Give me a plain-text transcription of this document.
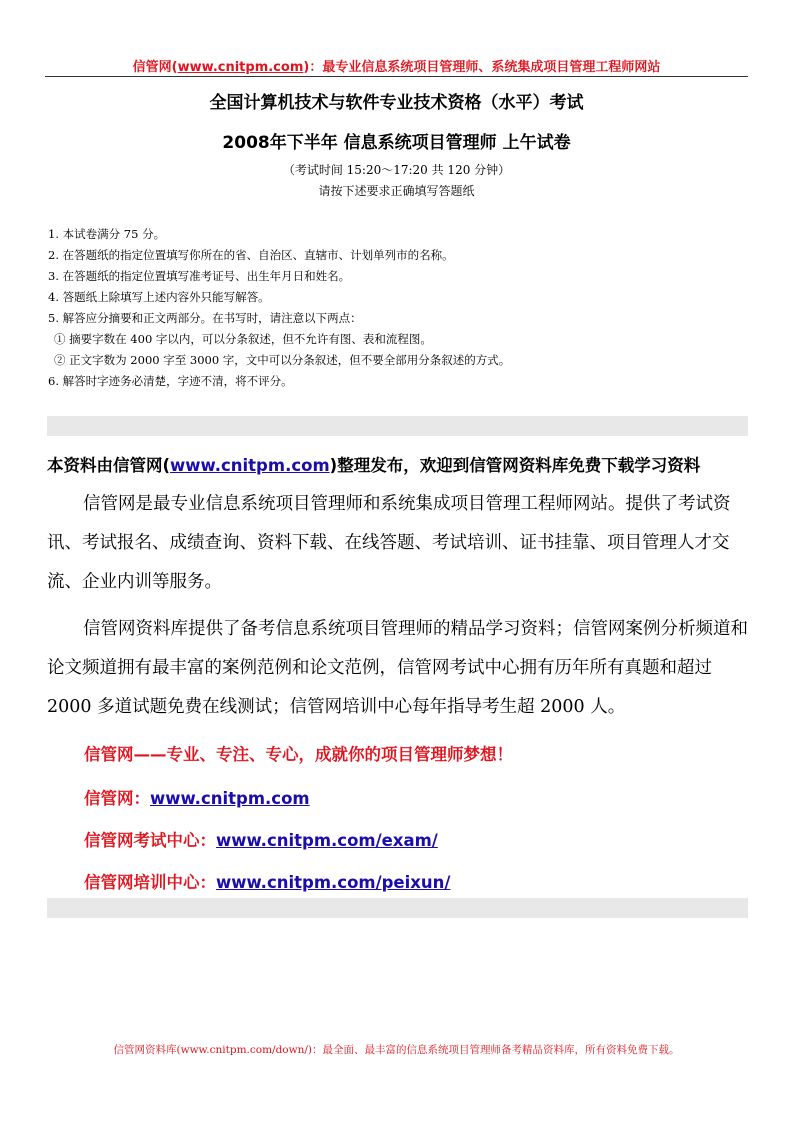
信管网(www.cnitpm.com)：最专业信息系统项目管理师、系统集成项目管理工程师网站
全国计算机技术与软件专业技术资格（水平）考试
2008年下半年 信息系统项目管理师 上午试卷
（考试时间 15:20～17:20 共 120 分钟）
请按下述要求正确填写答题纸
1. 本试卷满分 75 分。
2. 在答题纸的指定位置填写你所在的省、自治区、直辖市、计划单列市的名称。
3. 在答题纸的指定位置填写准考证号、出生年月日和姓名。
4. 答题纸上除填写上述内容外只能写解答。
5. 解答应分摘要和正文两部分。在书写时，请注意以下两点：
① 摘要字数在 400 字以内，可以分条叙述，但不允许有图、表和流程图。
② 正文字数为 2000 字至 3000 字，文中可以分条叙述，但不要全部用分条叙述的方式。
6. 解答时字迹务必清楚，字迹不清，将不评分。
本资料由信管网(www.cnitpm.com)整理发布，欢迎到信管网资料库免费下载学习资料
信管网是最专业信息系统项目管理师和系统集成项目管理工程师网站。提供了考试资讯、考试报名、成绩查询、资料下载、在线答题、考试培训、证书挂靠、项目管理人才交流、企业内训等服务。
信管网资料库提供了备考信息系统项目管理师的精品学习资料；信管网案例分析频道和论文频道拥有最丰富的案例范例和论文范例，信管网考试中心拥有历年所有真题和超过 2000 多道试题免费在线测试；信管网培训中心每年指导考生超 2000 人。
信管网——专业、专注、专心，成就你的项目管理师梦想！
信管网：www.cnitpm.com
信管网考试中心：www.cnitpm.com/exam/
信管网培训中心：www.cnitpm.com/peixun/
信管网资料库(www.cnitpm.com/down/)：最全面、最丰富的信息系统项目管理师备考精品资料库，所有资料免费下载。
